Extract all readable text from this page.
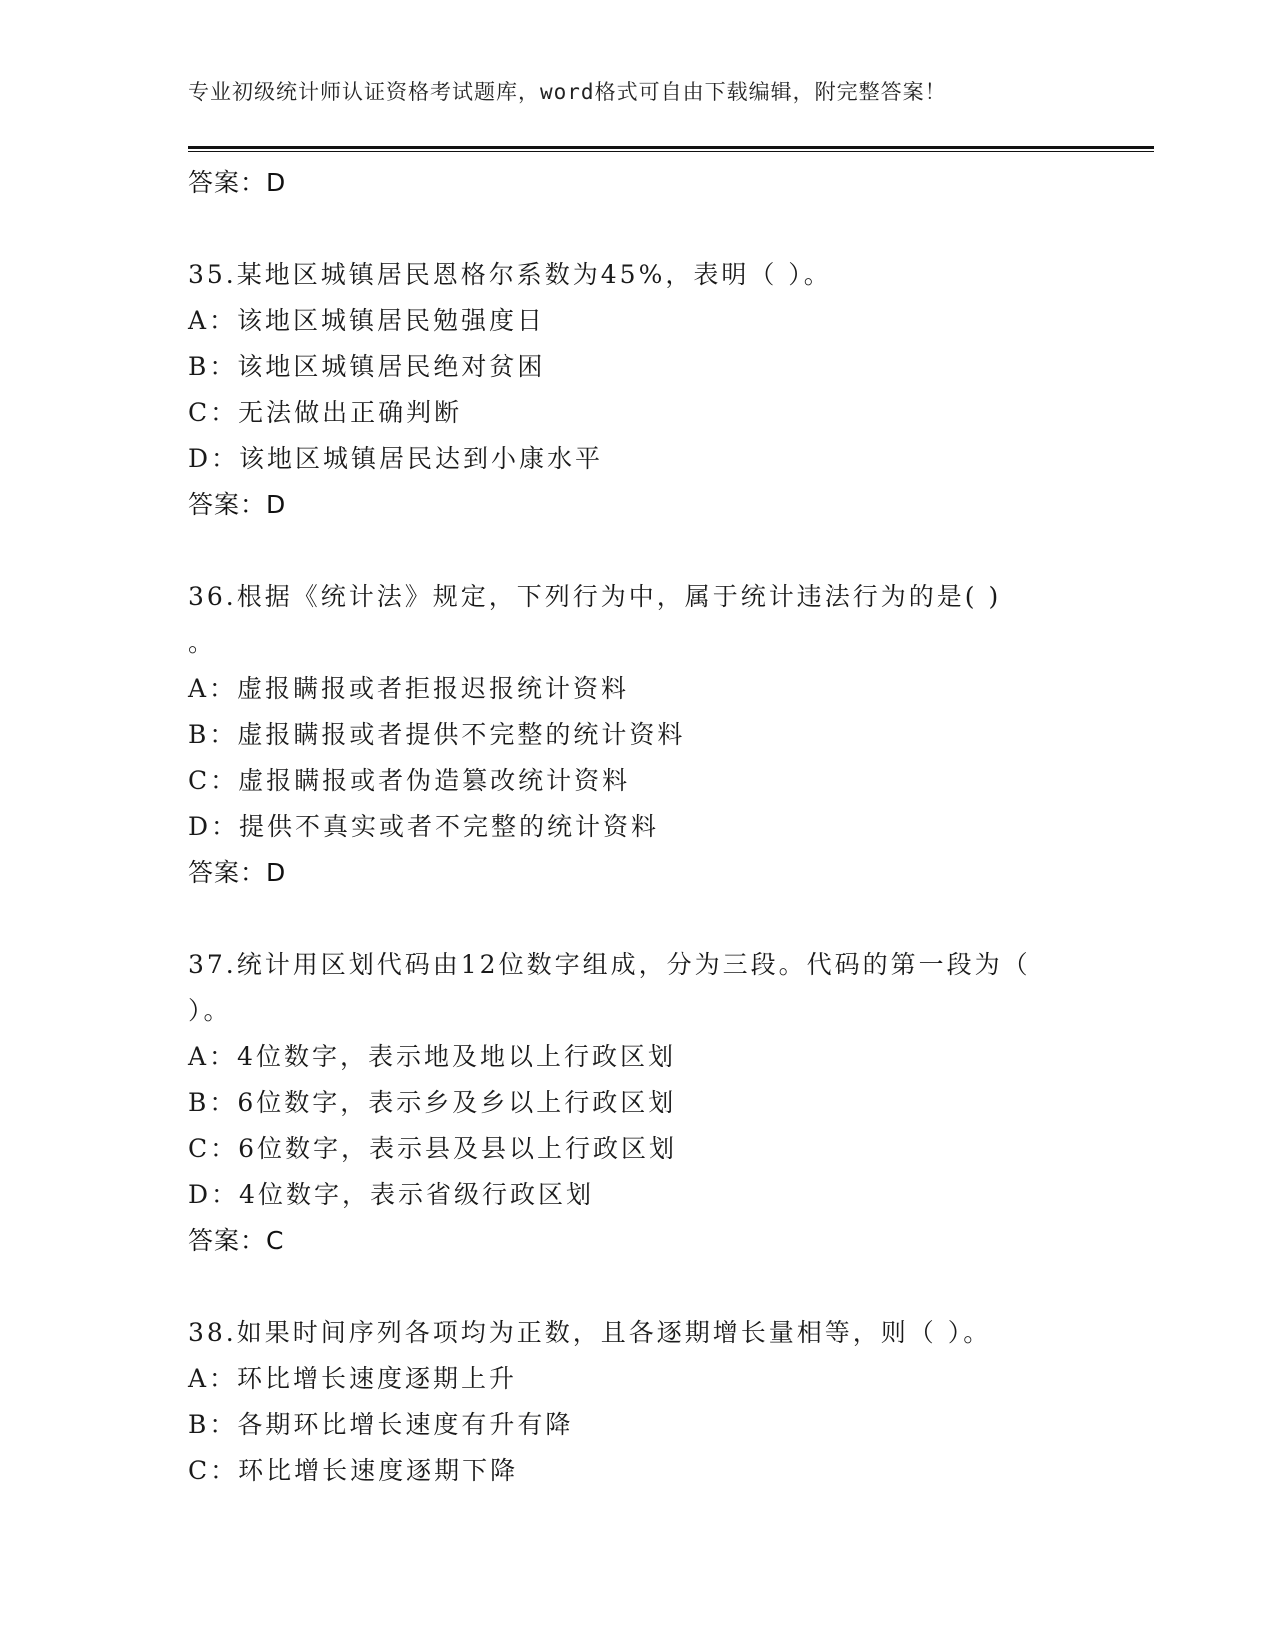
专业初级统计师认证资格考试题库，word格式可自由下载编辑，附完整答案！
答案：D
35.某地区城镇居民恩格尔系数为45%，表明（ ）。
A：该地区城镇居民勉强度日
B：该地区城镇居民绝对贫困
C：无法做出正确判断
D：该地区城镇居民达到小康水平
答案：D
36.根据《统计法》规定，下列行为中，属于统计违法行为的是( )
。
A：虚报瞒报或者拒报迟报统计资料
B：虚报瞒报或者提供不完整的统计资料
C：虚报瞒报或者伪造篡改统计资料
D：提供不真实或者不完整的统计资料
答案：D
37.统计用区划代码由12位数字组成，分为三段。代码的第一段为（
）。
A：4位数字，表示地及地以上行政区划
B：6位数字，表示乡及乡以上行政区划
C：6位数字，表示县及县以上行政区划
D：4位数字，表示省级行政区划
答案：C
38.如果时间序列各项均为正数，且各逐期增长量相等，则（ ）。
A：环比增长速度逐期上升
B：各期环比增长速度有升有降
C：环比增长速度逐期下降
